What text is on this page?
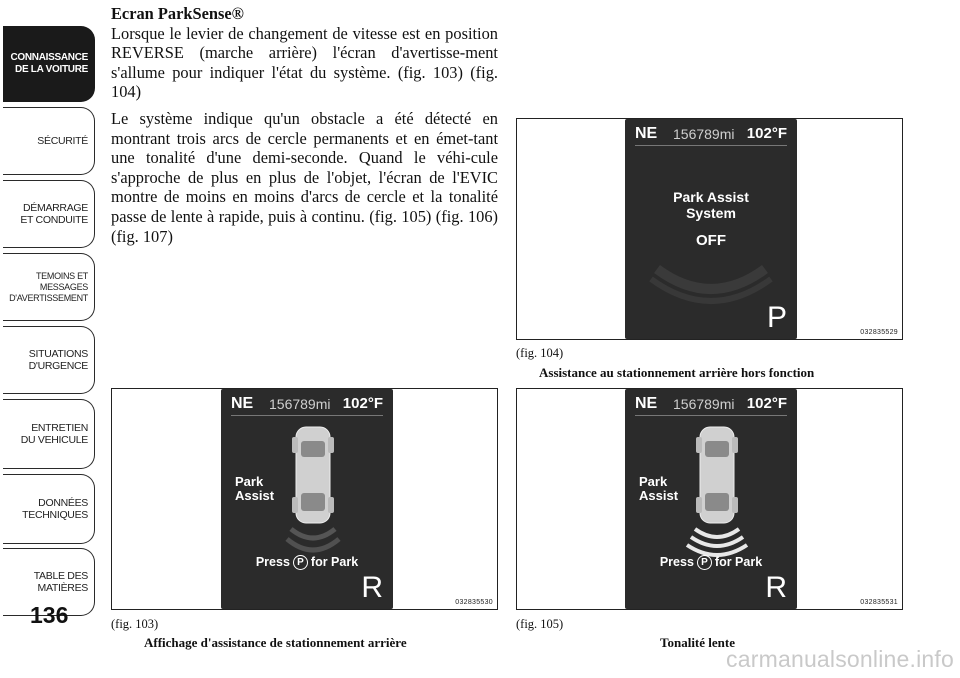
CONNAISSANCE
DE LA VOITURE
SÉCURITÉ
DÉMARRAGE
ET CONDUITE
TEMOINS ET
MESSAGES
D'AVERTISSEMENT
SITUATIONS
D'URGENCE
ENTRETIEN
DU VEHICULE
DONNÉES
TECHNIQUES
TABLE DES
MATIÈRES
136
Ecran ParkSense®

Lorsque le levier de changement de vitesse est en position REVERSE (marche arrière) l'écran d'avertisse-ment s'allume pour indiquer l'état du système. (fig. 103) (fig. 104)

Le système indique qu'un obstacle a été détecté en montrant trois arcs de cercle permanents et en émet-tant une tonalité d'une demi-seconde. Quand le véhi-cule s'approche de plus en plus de l'objet, l'écran de l'EVIC montre de moins en moins d'arcs de cercle et la tonalité passe de lente à rapide, puis à continu. (fig. 105) (fig. 106) (fig. 107)

NE 156789mi 102°F
Park Assist
System
OFF
P	032835529
(fig. 104)
Assistance au stationnement arrière hors fonction
NE 156789mi 102°F
Park
Assist
Press P for Park
R	032835530
(fig. 103)
Affichage d'assistance de stationnement arrière
NE 156789mi 102°F
Park
Assist
Press P for Park
R	032835531
(fig. 105)
Tonalité lente
carmanualsonline.info
